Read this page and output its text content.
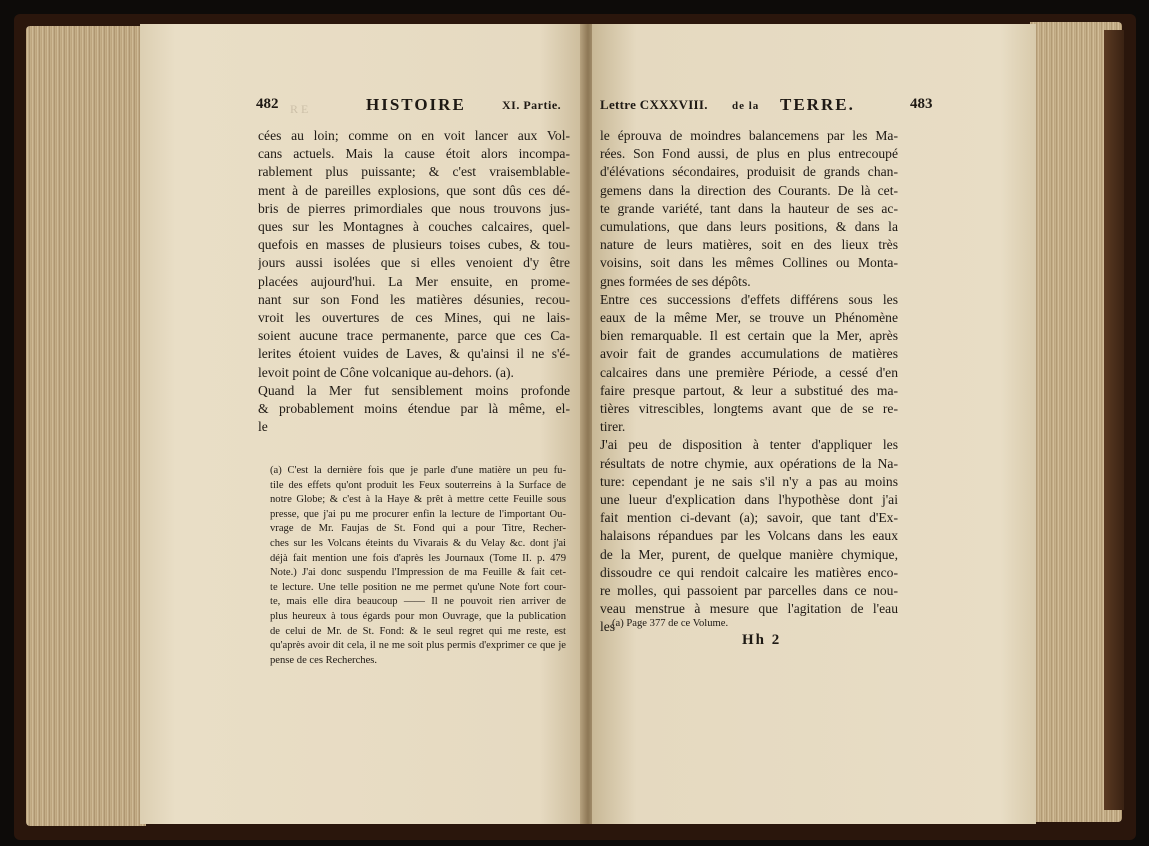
R E
482	HISTOIRE	XI. Partie.
cées au loin; comme on en voit lancer aux Vol-
cans actuels. Mais la cause étoit alors incompa-
rablement plus puissante; & c'est vraisemblable-
ment à de pareilles explosions, que sont dûs ces dé-
bris de pierres primordiales que nous trouvons jus-
ques sur les Montagnes à couches calcaires, quel-
quefois en masses de plusieurs toises cubes, & tou-
jours aussi isolées que si elles venoient d'y être
placées aujourd'hui. La Mer ensuite, en prome-
nant sur son Fond les matières désunies, recou-
vroit les ouvertures de ces Mines, qui ne lais-
soient aucune trace permanente, parce que ces Ca-
lerites étoient vuides de Laves, & qu'ainsi il ne s'é-
levoit point de Cône volcanique au-dehors. (a).
Quand la Mer fut sensiblement moins profonde
& probablement moins étendue par là même, el-
le
(a) C'est la dernière fois que je parle d'une matière un peu fu-
tile des effets qu'ont produit les Feux souterreins à la Surface de
notre Globe; & c'est à la Haye & prêt à mettre cette Feuille sous
presse, que j'ai pu me procurer enfin la lecture de l'important Ou-
vrage de Mr. Faujas de St. Fond qui a pour Titre, Recher-
ches sur les Volcans éteints du Vivarais & du Velay &c. dont j'ai
déjà fait mention une fois d'après les Journaux (Tome II. p. 479
Note.) J'ai donc suspendu l'Impression de ma Feuille & fait cet-
te lecture. Une telle position ne me permet qu'une Note fort cour-
te, mais elle dira beaucoup —— Il ne pouvoit rien arriver de
plus heureux à tous égards pour mon Ouvrage, que la publication
de celui de Mr. de St. Fond: & le seul regret qui me reste, est
qu'après avoir dit cela, il ne me soit plus permis d'exprimer ce que je
pense de ces Recherches.
Lettre CXXXVIII. de la TERRE.	483
le éprouva de moindres balancemens par les Ma-
rées. Son Fond aussi, de plus en plus entrecoupé
d'élévations sécondaires, produisit de grands chan-
gemens dans la direction des Courants. De là cet-
te grande variété, tant dans la hauteur de ses ac-
cumulations, que dans leurs positions, & dans la
nature de leurs matières, soit en des lieux très
voisins, soit dans les mêmes Collines ou Monta-
gnes formées de ses dépôts.
Entre ces successions d'effets différens sous les
eaux de la même Mer, se trouve un Phénomène
bien remarquable. Il est certain que la Mer, après
avoir fait de grandes accumulations de matières
calcaires dans une première Période, a cessé d'en
faire presque partout, & leur a substitué des ma-
tières vitrescibles, longtems avant que de se re-
tirer.
J'ai peu de disposition à tenter d'appliquer les
résultats de notre chymie, aux opérations de la Na-
ture: cependant je ne sais s'il n'y a pas au moins
une lueur d'explication dans l'hypothèse dont j'ai
fait mention ci-devant (a); savoir, que tant d'Ex-
halaisons répandues par les Volcans dans les eaux
de la Mer, purent, de quelque manière chymique,
dissoudre ce qui rendoit calcaire les matières enco-
re molles, qui passoient par parcelles dans ce nou-
veau menstrue à mesure que l'agitation de l'eau
les
(a) Page 377 de ce Volume.
Hh 2
